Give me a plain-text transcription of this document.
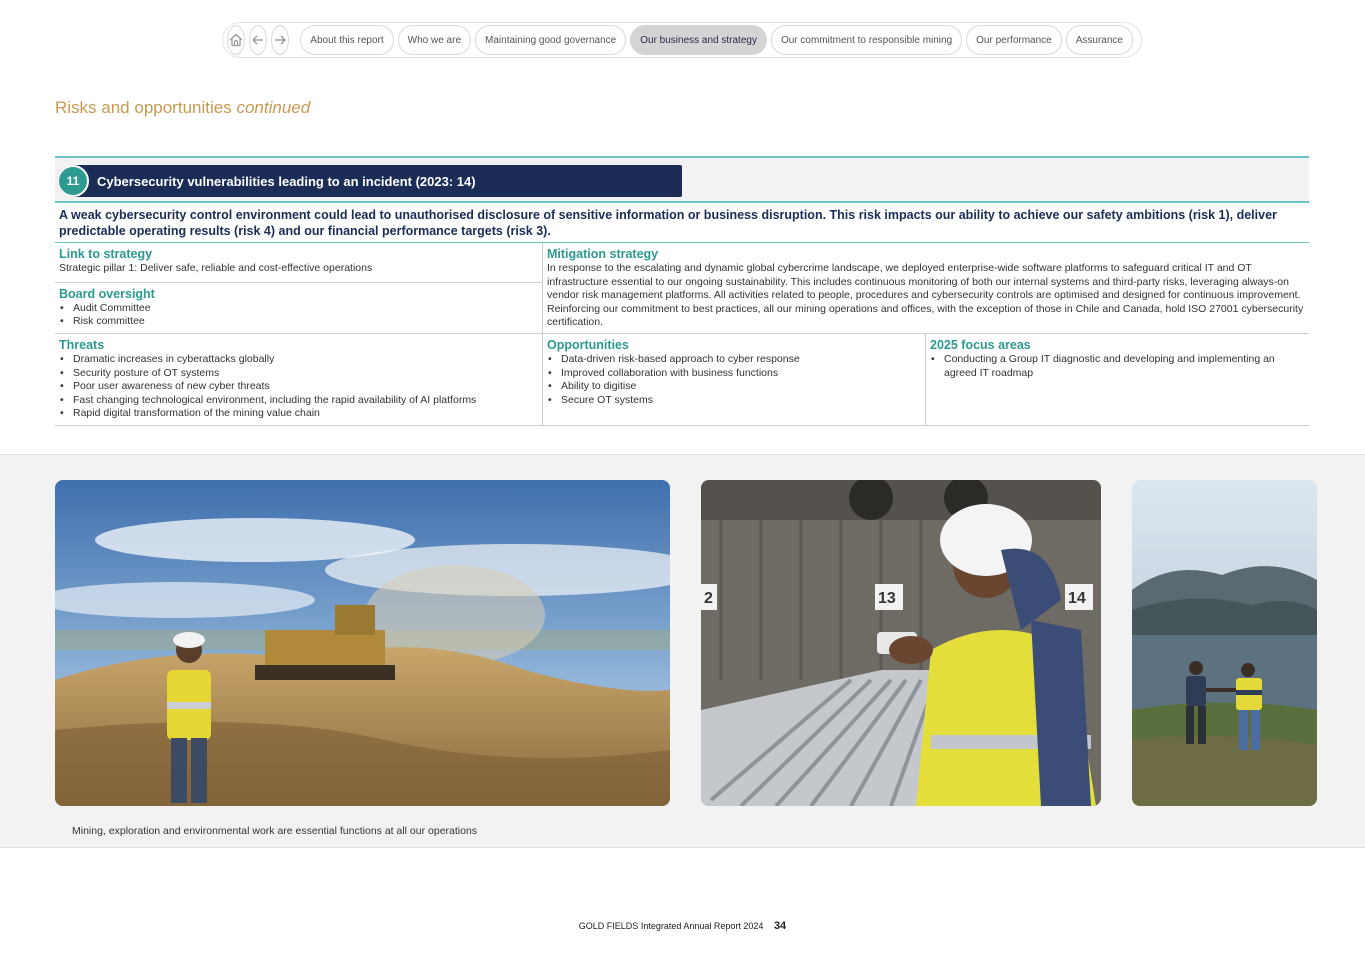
About this report	Who we are	Maintaining good governance	Our business and strategy	Our commitment to responsible mining	Our performance	Assurance
Risks and opportunities continued
11	Cybersecurity vulnerabilities leading to an incident (2023: 14)
A weak cybersecurity control environment could lead to unauthorised disclosure of sensitive information or business disruption. This risk impacts our ability to achieve our safety ambitions (risk 1), deliver predictable operating results (risk 4) and our financial performance targets (risk 3).
Link to strategy
Strategic pillar 1: Deliver safe, reliable and cost-effective operations
Board oversight
• Audit Committee
• Risk committee
Mitigation strategy
In response to the escalating and dynamic global cybercrime landscape, we deployed enterprise-wide software platforms to safeguard critical IT and OT infrastructure essential to our ongoing sustainability. This includes continuous monitoring of both our internal systems and third-party risks, leveraging always-on vendor risk management platforms. All activities related to people, procedures and cybersecurity controls are optimised and designed for continuous improvement. Reinforcing our commitment to best practices, all our mining operations and offices, with the exception of those in Chile and Canada, hold ISO 27001 cybersecurity certification.
Threats
• Dramatic increases in cyberattacks globally
• Security posture of OT systems
• Poor user awareness of new cyber threats
• Fast changing technological environment, including the rapid availability of AI platforms
• Rapid digital transformation of the mining value chain
Opportunities
• Data-driven risk-based approach to cyber response
• Improved collaboration with business functions
• Ability to digitise
• Secure OT systems
2025 focus areas
• Conducting a Group IT diagnostic and developing and implementing an agreed IT roadmap
2	13	14
Mining, exploration and environmental work are essential functions at all our operations
GOLD FIELDS Integrated Annual Report 2024 34
